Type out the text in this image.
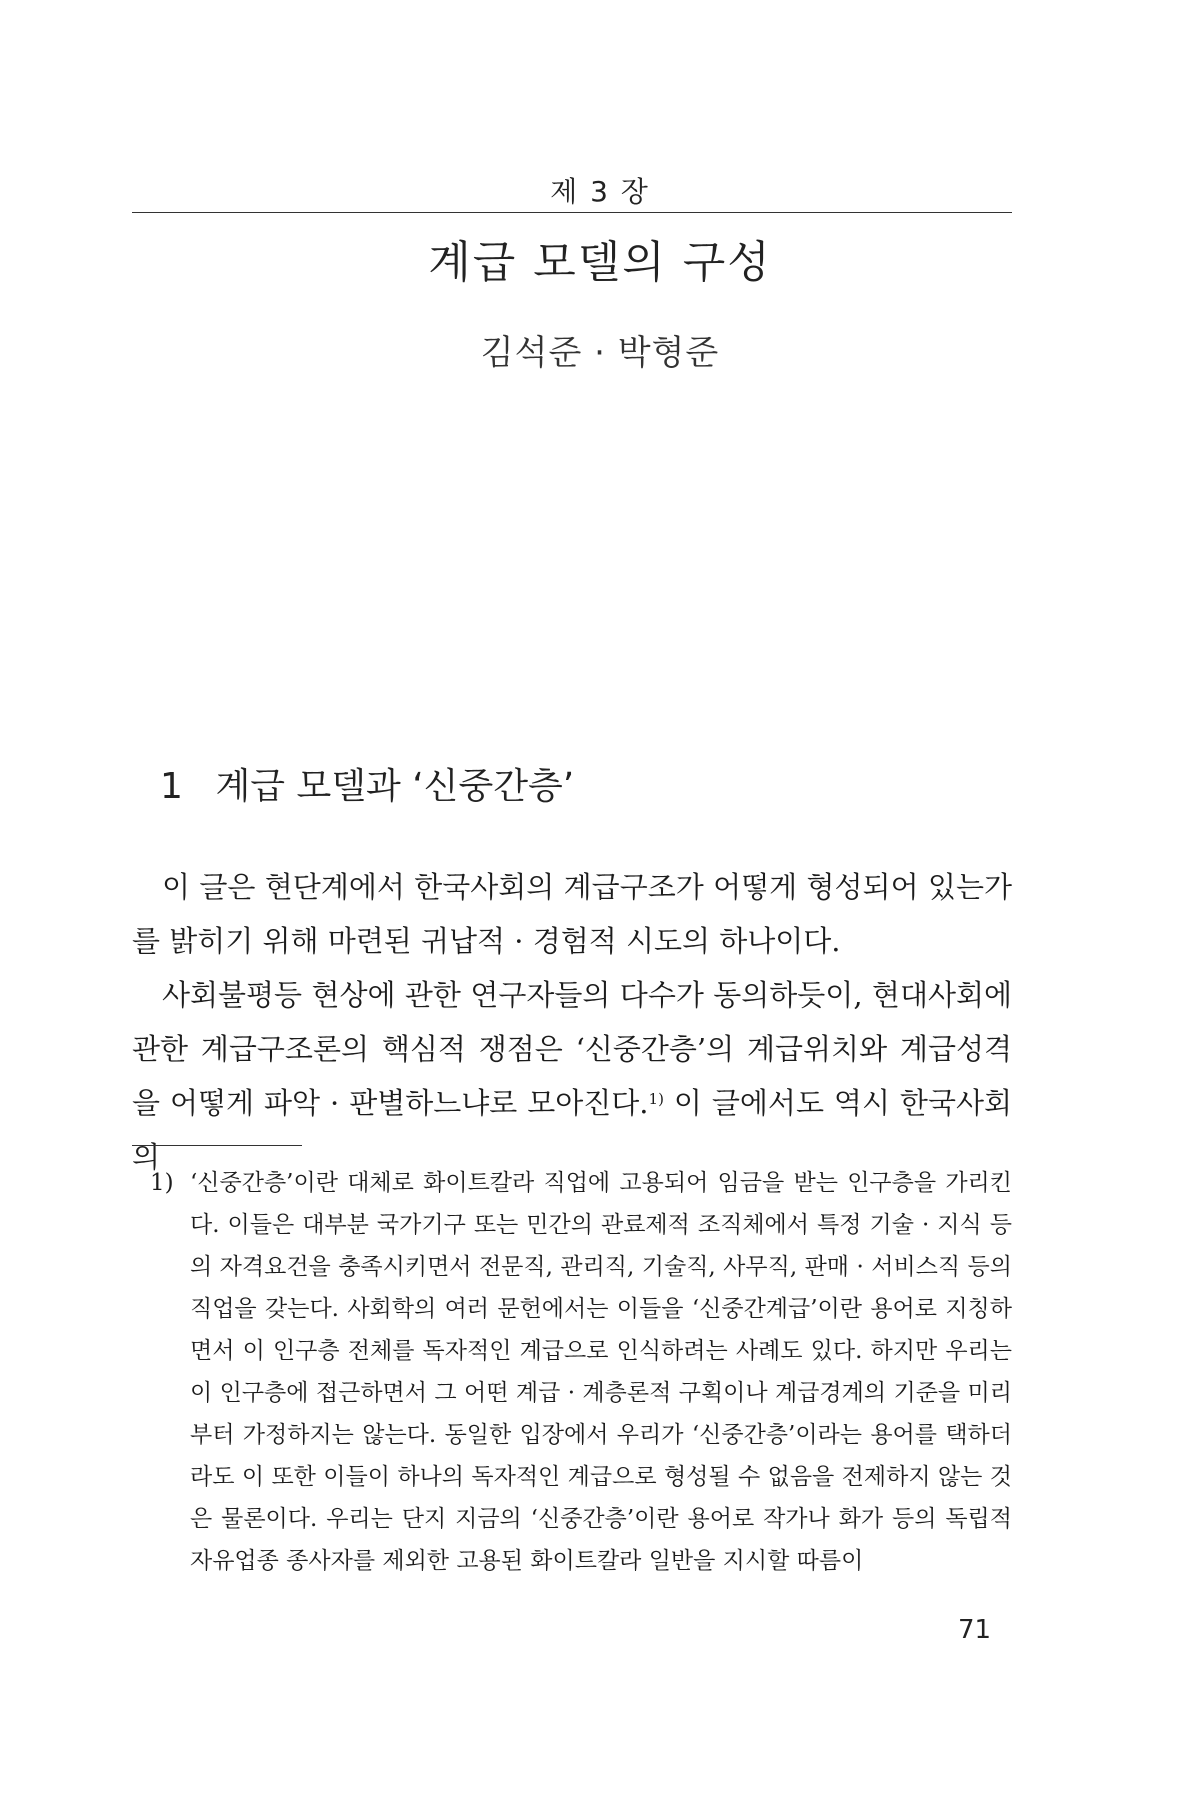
제 3 장
계급 모델의 구성
김석준 · 박형준
1 계급 모델과 ‘신중간층’

이 글은 현단계에서 한국사회의 계급구조가 어떻게 형성되어 있는가를 밝히기 위해 마련된 귀납적 · 경험적 시도의 하나이다.

사회불평등 현상에 관한 연구자들의 다수가 동의하듯이, 현대사회에 관한 계급구조론의 핵심적 쟁점은 ‘신중간층’의 계급위치와 계급성격을 어떻게 파악 · 판별하느냐로 모아진다.$^{1)}$ 이 글에서도 역시 한국사회의

1) ‘신중간층’이란 대체로 화이트칼라 직업에 고용되어 임금을 받는 인구층을 가리킨다. 이들은 대부분 국가기구 또는 민간의 관료제적 조직체에서 특정 기술 · 지식 등의 자격요건을 충족시키면서 전문직, 관리직, 기술직, 사무직, 판매 · 서비스직 등의 직업을 갖는다. 사회학의 여러 문헌에서는 이들을 ‘신중간계급’이란 용어로 지칭하면서 이 인구층 전체를 독자적인 계급으로 인식하려는 사례도 있다. 하지만 우리는 이 인구층에 접근하면서 그 어떤 계급 · 계층론적 구획이나 계급경계의 기준을 미리부터 가정하지는 않는다. 동일한 입장에서 우리가 ‘신중간층’이라는 용어를 택하더라도 이 또한 이들이 하나의 독자적인 계급으로 형성될 수 없음을 전제하지 않는 것은 물론이다. 우리는 단지 지금의 ‘신중간층’이란 용어로 작가나 화가 등의 독립적 자유업종 종사자를 제외한 고용된 화이트칼라 일반을 지시할 따름이
71
